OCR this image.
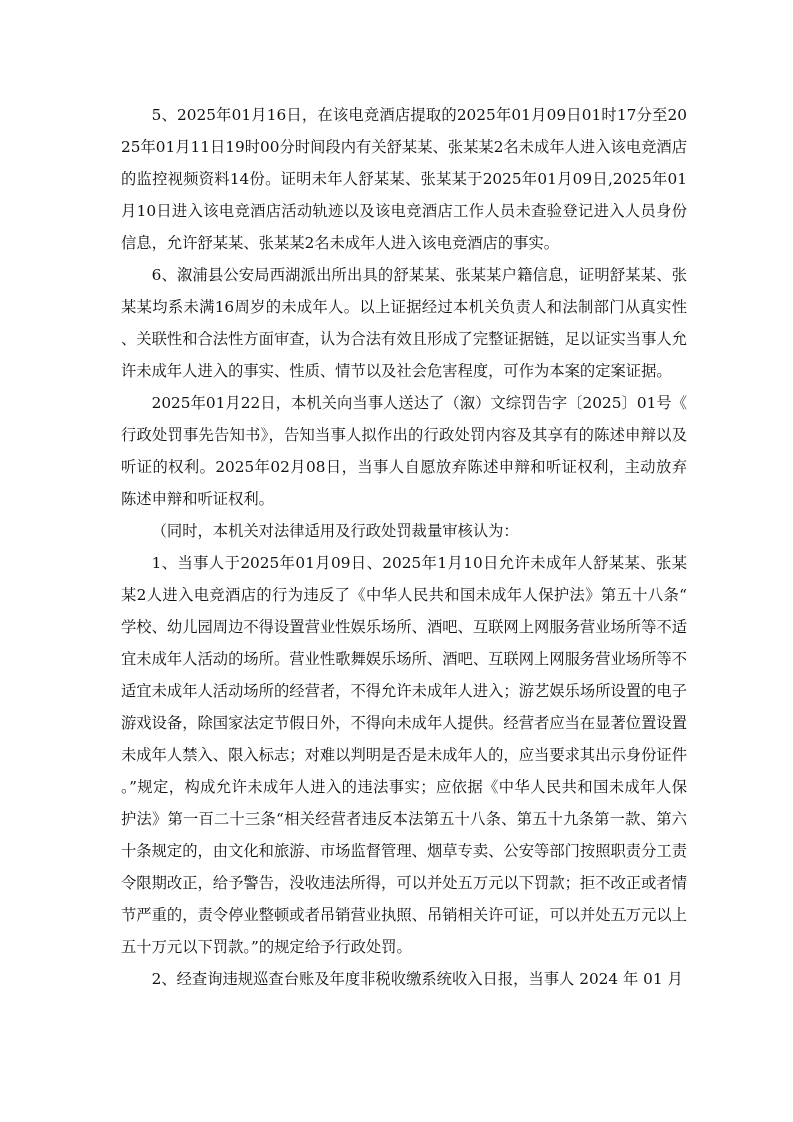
5、2025年01月16日，在该电竞酒店提取的2025年01月09日01时17分至2025年01月11日19时00分时间段内有关舒某某、张某某2名未成年人进入该电竞酒店的监控视频资料14份。证明未年人舒某某、张某某于2025年01月09日,2025年01月10日进入该电竞酒店活动轨迹以及该电竞酒店工作人员未查验登记进入人员身份信息，允许舒某某、张某某2名未成年人进入该电竞酒店的事实。

6、溆浦县公安局西湖派出所出具的舒某某、张某某户籍信息，证明舒某某、张某某均系未满16周岁的未成年人。以上证据经过本机关负责人和法制部门从真实性、关联性和合法性方面审查，认为合法有效且形成了完整证据链，足以证实当事人允许未成年人进入的事实、性质、情节以及社会危害程度，可作为本案的定案证据。

2025年01月22日，本机关向当事人送达了（溆）文综罚告字〔2025〕01号《行政处罚事先告知书》，告知当事人拟作出的行政处罚内容及其享有的陈述申辩以及听证的权利。2025年02月08日，当事人自愿放弃陈述申辩和听证权利，主动放弃陈述申辩和听证权利。

（同时，本机关对法律适用及行政处罚裁量审核认为：

1、当事人于2025年01月09日、2025年1月10日允许未成年人舒某某、张某某2人进入电竞酒店的行为违反了《中华人民共和国未成年人保护法》第五十八条“学校、幼儿园周边不得设置营业性娱乐场所、酒吧、互联网上网服务营业场所等不适宜未成年人活动的场所。营业性歌舞娱乐场所、酒吧、互联网上网服务营业场所等不适宜未成年人活动场所的经营者，不得允许未成年人进入；游艺娱乐场所设置的电子游戏设备，除国家法定节假日外，不得向未成年人提供。经营者应当在显著位置设置未成年人禁入、限入标志；对难以判明是否是未成年人的，应当要求其出示身份证件。”规定，构成允许未成年人进入的违法事实；应依据《中华人民共和国未成年人保护法》第一百二十三条“相关经营者违反本法第五十八条、第五十九条第一款、第六十条规定的，由文化和旅游、市场监督管理、烟草专卖、公安等部门按照职责分工责令限期改正，给予警告，没收违法所得，可以并处五万元以下罚款；拒不改正或者情节严重的，责令停业整顿或者吊销营业执照、吊销相关许可证，可以并处五万元以上五十万元以下罚款。”的规定给予行政处罚。

2、经查询违规巡查台账及年度非税收缴系统收入日报，当事人 2024 年 01 月
